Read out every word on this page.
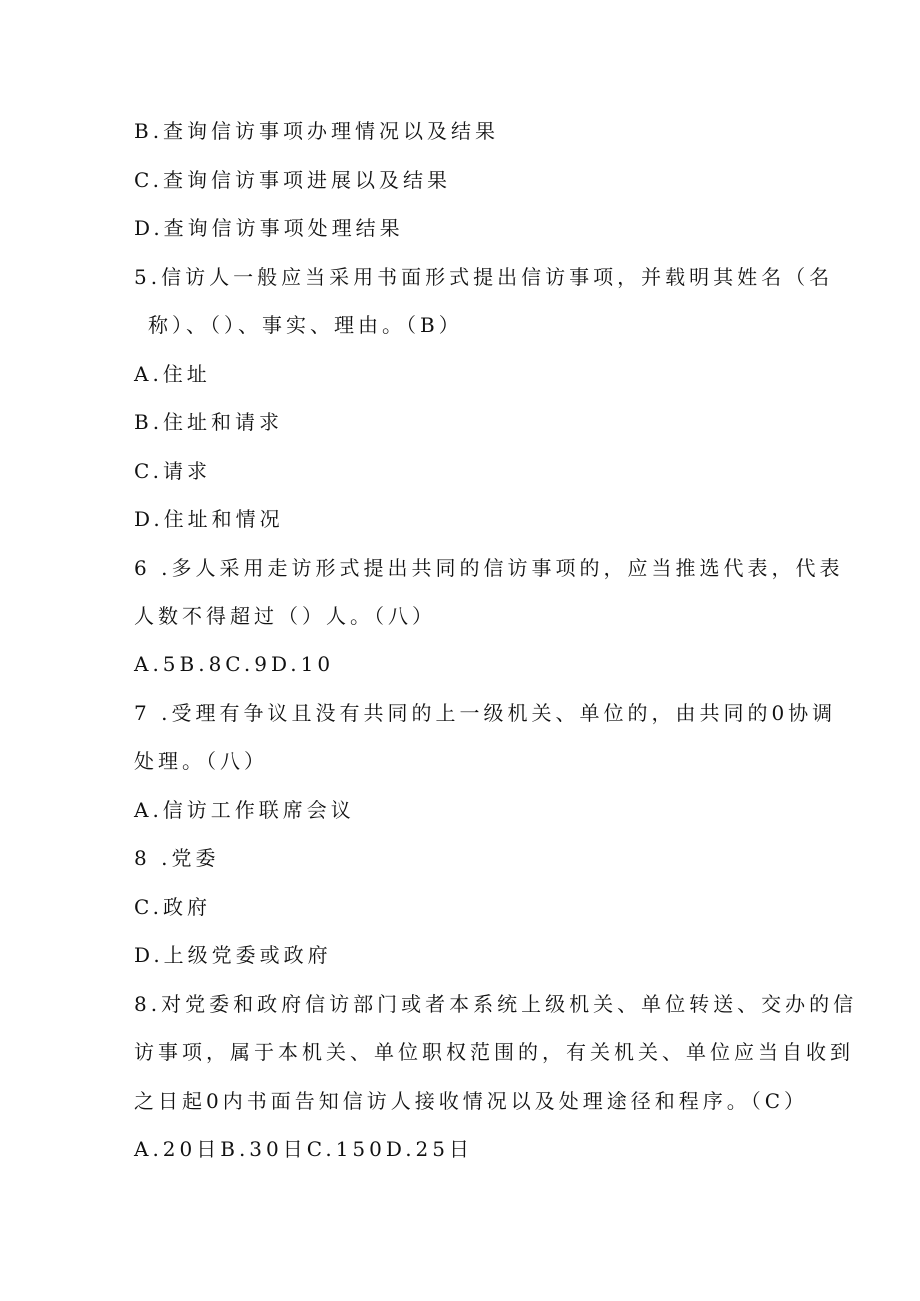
B.查询信访事项办理情况以及结果
C.查询信访事项进展以及结果
D.查询信访事项处理结果
5.信访人一般应当采用书面形式提出信访事项，并载明其姓名（名
称）、（）、事实、理由。（B）
A.住址
B.住址和请求
C.请求
D.住址和情况
6 .多人采用走访形式提出共同的信访事项的，应当推选代表，代表
人数不得超过（）人。（八）
A.5B.8C.9D.10
7 .受理有争议且没有共同的上一级机关、单位的，由共同的0协调
处理。（八）
A.信访工作联席会议
8 .党委
C.政府
D.上级党委或政府
8.对党委和政府信访部门或者本系统上级机关、单位转送、交办的信
访事项，属于本机关、单位职权范围的，有关机关、单位应当自收到
之日起0内书面告知信访人接收情况以及处理途径和程序。（C）
A.20日B.30日C.150D.25日
